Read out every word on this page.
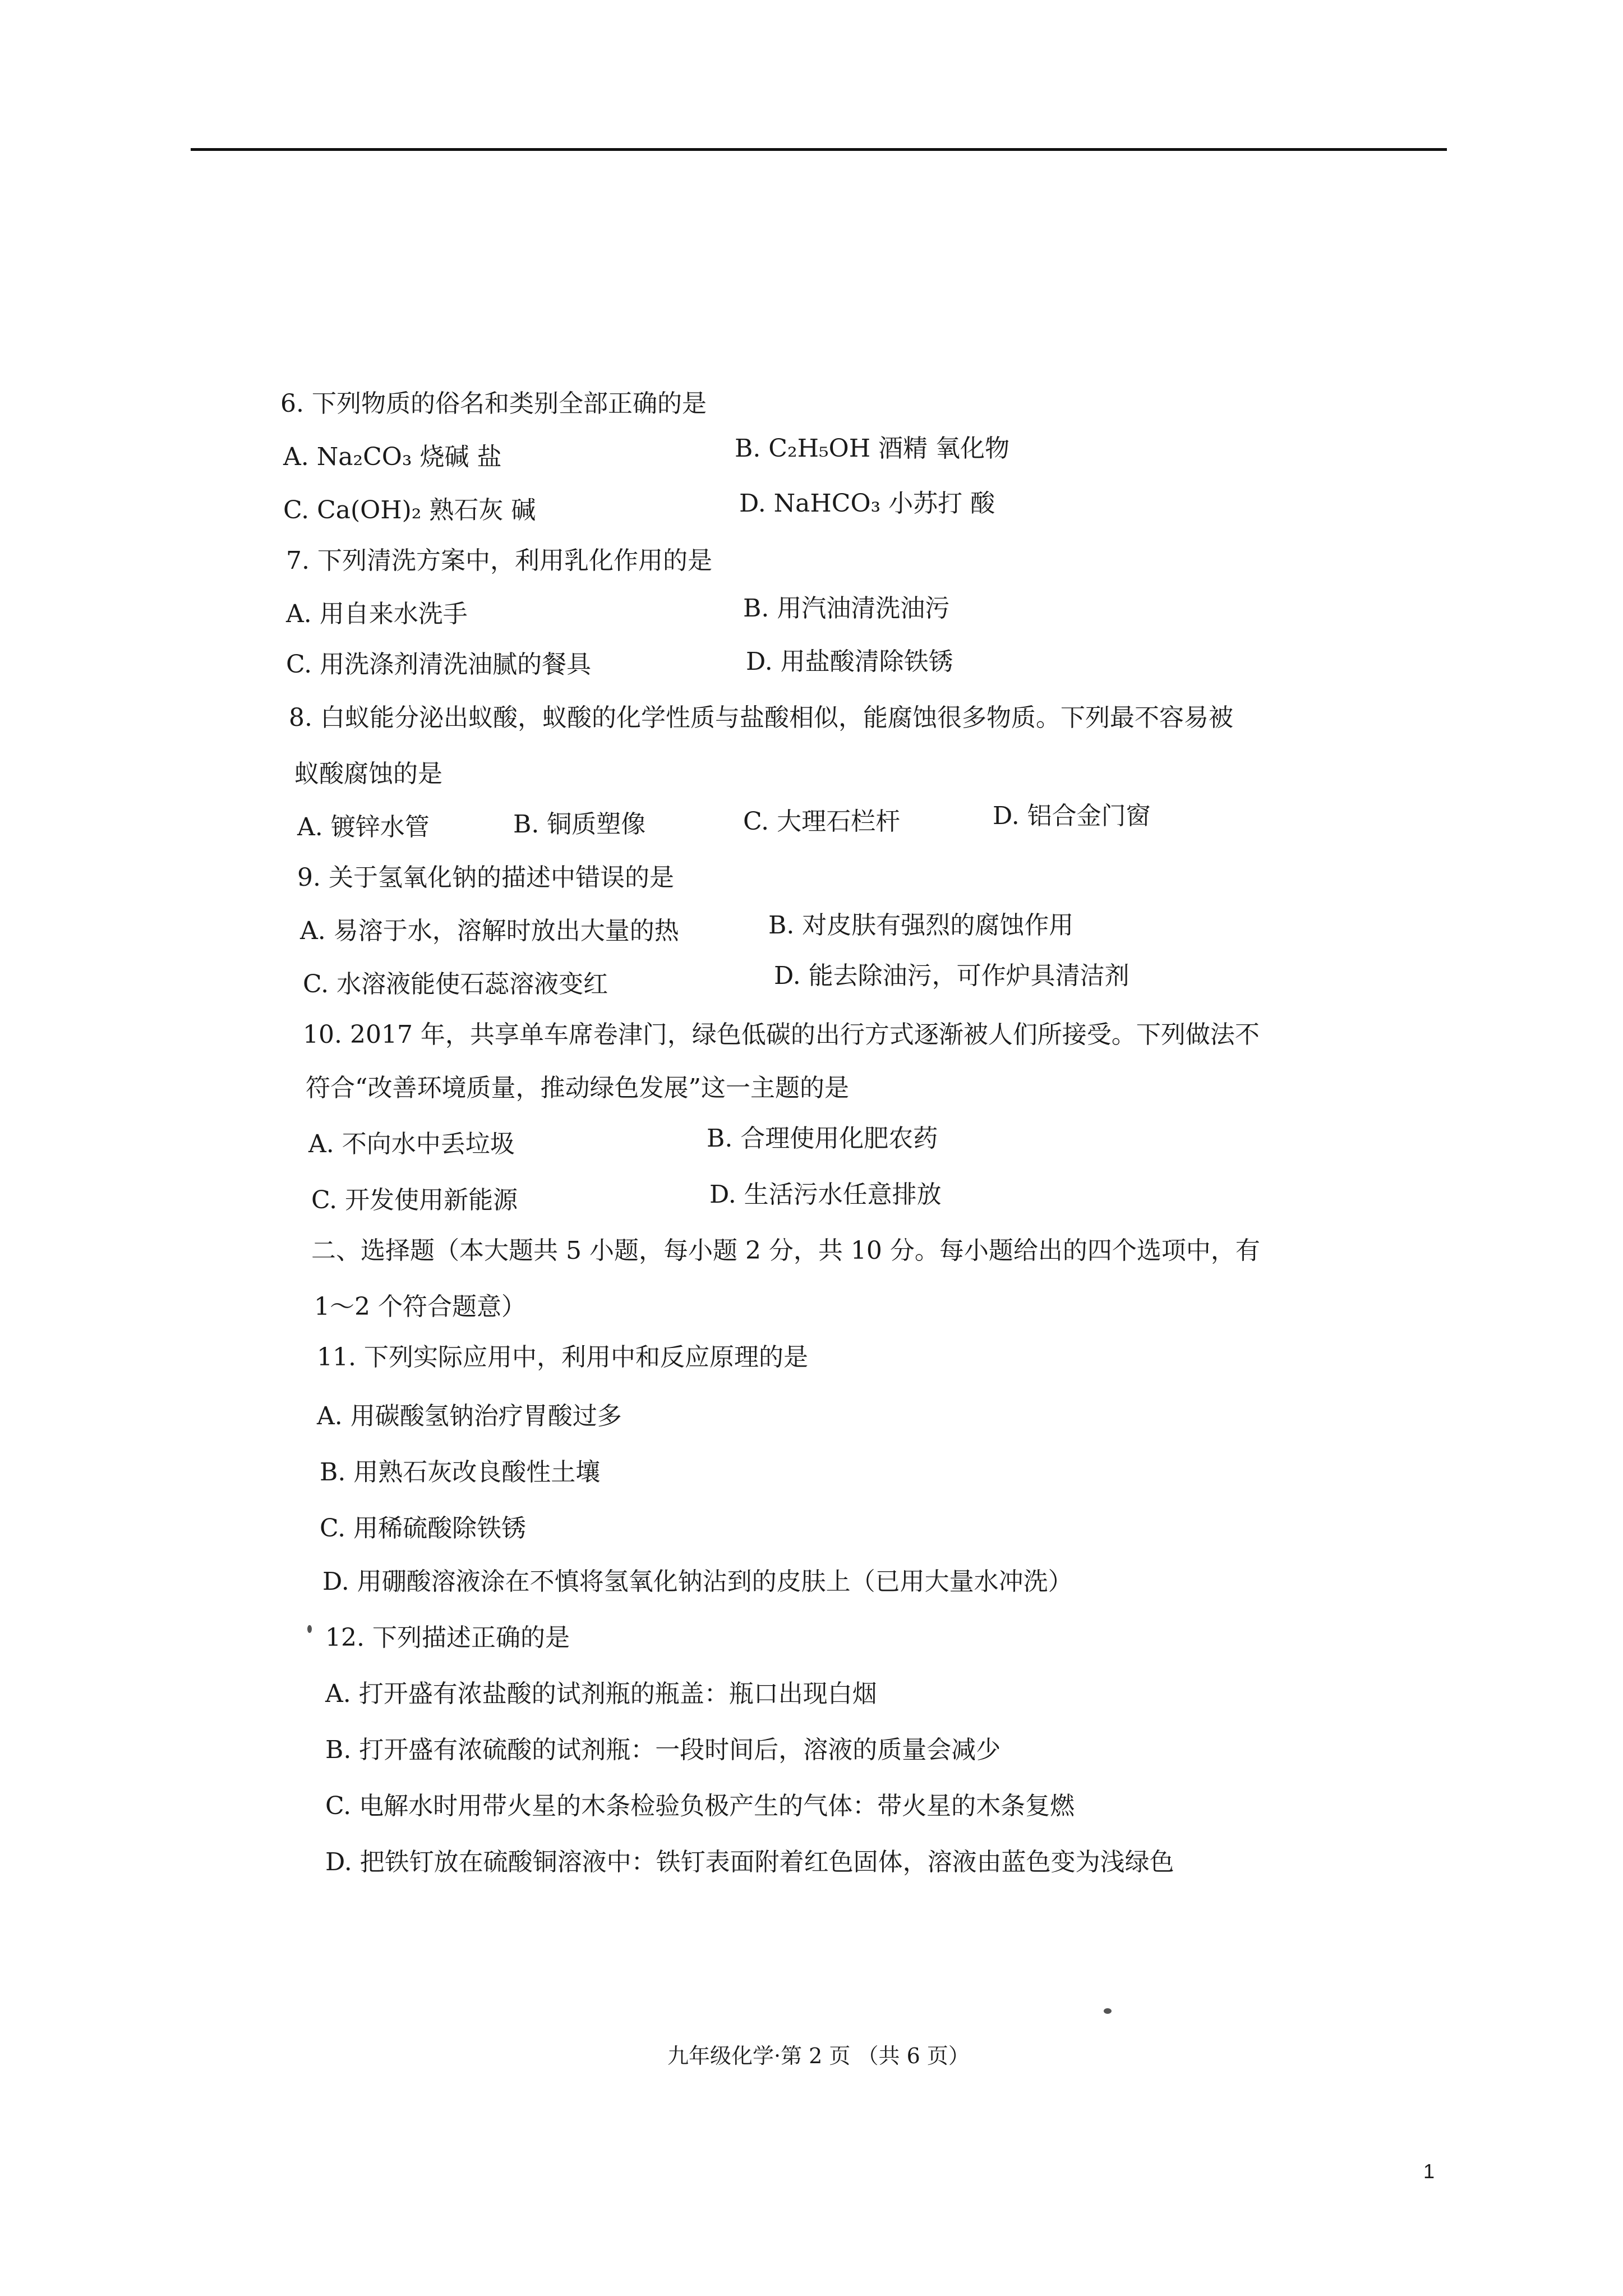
6. 下列物质的俗名和类别全部正确的是
A. Na₂CO₃ 烧碱 盐	B. C₂H₅OH 酒精 氧化物
C. Ca(OH)₂ 熟石灰 碱	D. NaHCO₃ 小苏打 酸
7. 下列清洗方案中，利用乳化作用的是
A. 用自来水洗手	B. 用汽油清洗油污
C. 用洗涤剂清洗油腻的餐具	D. 用盐酸清除铁锈
8. 白蚁能分泌出蚁酸，蚁酸的化学性质与盐酸相似，能腐蚀很多物质。下列最不容易被
蚁酸腐蚀的是
A. 镀锌水管	B. 铜质塑像	C. 大理石栏杆	D. 铝合金门窗
9. 关于氢氧化钠的描述中错误的是
A. 易溶于水，溶解时放出大量的热	B. 对皮肤有强烈的腐蚀作用
C. 水溶液能使石蕊溶液变红	D. 能去除油污，可作炉具清洁剂
10. 2017 年，共享单车席卷津门，绿色低碳的出行方式逐渐被人们所接受。下列做法不
符合“改善环境质量，推动绿色发展”这一主题的是
A. 不向水中丢垃圾	B. 合理使用化肥农药
C. 开发使用新能源	D. 生活污水任意排放
二、选择题（本大题共 5 小题，每小题 2 分，共 10 分。每小题给出的四个选项中，有
1～2 个符合题意）
11. 下列实际应用中，利用中和反应原理的是
A. 用碳酸氢钠治疗胃酸过多
B. 用熟石灰改良酸性土壤
C. 用稀硫酸除铁锈
D. 用硼酸溶液涂在不慎将氢氧化钠沾到的皮肤上（已用大量水冲洗）
12. 下列描述正确的是
A. 打开盛有浓盐酸的试剂瓶的瓶盖：瓶口出现白烟
B. 打开盛有浓硫酸的试剂瓶：一段时间后，溶液的质量会减少
C. 电解水时用带火星的木条检验负极产生的气体：带火星的木条复燃
D. 把铁钉放在硫酸铜溶液中：铁钉表面附着红色固体，溶液由蓝色变为浅绿色
九年级化学·第 2 页 （共 6 页）
1
